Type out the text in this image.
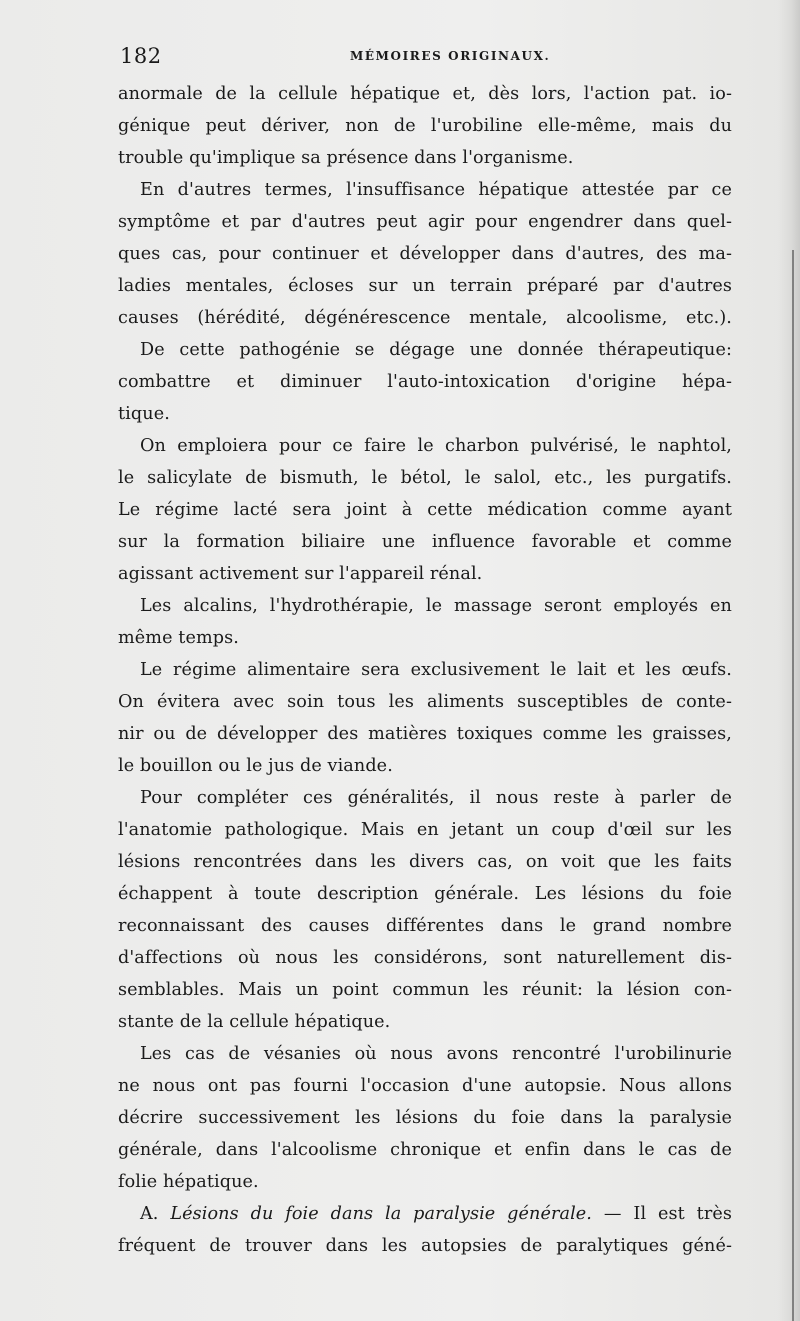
182	MÉMOIRES ORIGINAUX.
anormale de la cellule hépatique et, dès lors, l'action pat. io-
génique peut dériver, non de l'urobiline elle-même, mais du
trouble qu'implique sa présence dans l'organisme.
En d'autres termes, l'insuffisance hépatique attestée par ce
symptôme et par d'autres peut agir pour engendrer dans quel-
ques cas, pour continuer et développer dans d'autres, des ma-
ladies mentales, écloses sur un terrain préparé par d'autres
causes (hérédité, dégénérescence mentale, alcoolisme, etc.).
De cette pathogénie se dégage une donnée thérapeutique:
combattre et diminuer l'auto-intoxication d'origine hépa-
tique.
On emploiera pour ce faire le charbon pulvérisé, le naphtol,
le salicylate de bismuth, le bétol, le salol, etc., les purgatifs.
Le régime lacté sera joint à cette médication comme ayant
sur la formation biliaire une influence favorable et comme
agissant activement sur l'appareil rénal.
Les alcalins, l'hydrothérapie, le massage seront employés en
même temps.
Le régime alimentaire sera exclusivement le lait et les œufs.
On évitera avec soin tous les aliments susceptibles de conte-
nir ou de développer des matières toxiques comme les graisses,
le bouillon ou le jus de viande.
Pour compléter ces généralités, il nous reste à parler de
l'anatomie pathologique. Mais en jetant un coup d'œil sur les
lésions rencontrées dans les divers cas, on voit que les faits
échappent à toute description générale. Les lésions du foie
reconnaissant des causes différentes dans le grand nombre
d'affections où nous les considérons, sont naturellement dis-
semblables. Mais un point commun les réunit: la lésion con-
stante de la cellule hépatique.
Les cas de vésanies où nous avons rencontré l'urobilinurie
ne nous ont pas fourni l'occasion d'une autopsie. Nous allons
décrire successivement les lésions du foie dans la paralysie
générale, dans l'alcoolisme chronique et enfin dans le cas de
folie hépatique.
A. Lésions du foie dans la paralysie générale. — Il est très
fréquent de trouver dans les autopsies de paralytiques géné-
